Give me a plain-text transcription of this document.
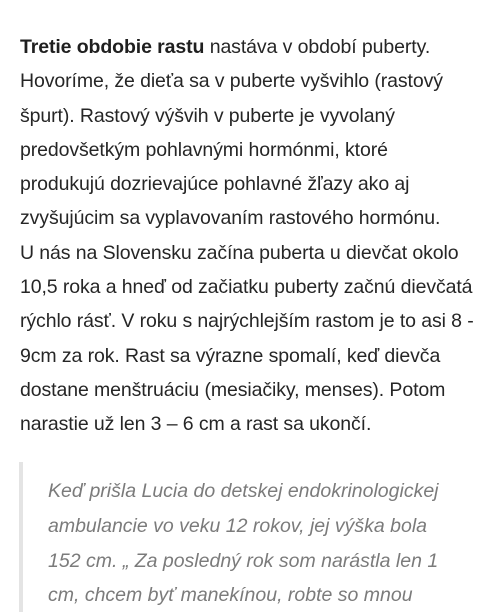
Tretie obdobie rastu nastáva v období puberty.
Hovoríme, že dieťa sa v puberte vyšvihlo (rastový
špurt). Rastový výšvih v puberte je vyvolaný
predovšetkým pohlavnými hormónmi, ktoré
produkujú dozrievajúce pohlavné žľazy ako aj
zvyšujúcim sa vyplavovaním rastového hormónu.
U nás na Slovensku začína puberta u dievčat okolo
10,5 roka a hneď od začiatku puberty začnú dievčatá
rýchlo rásť. V roku s najrýchlejším rastom je to asi 8 -
9cm za rok. Rast sa výrazne spomalí, keď dievča
dostane menštruáciu (mesiačiky, menses). Potom
narastie už len 3 – 6 cm a rast sa ukončí.

Keď prišla Lucia do detskej endokrinologickej
ambulancie vo veku 12 rokov, jej výška bola
152 cm. „ Za posledný rok som narástla len 1
cm, chcem byť manekínou, robte so mnou
